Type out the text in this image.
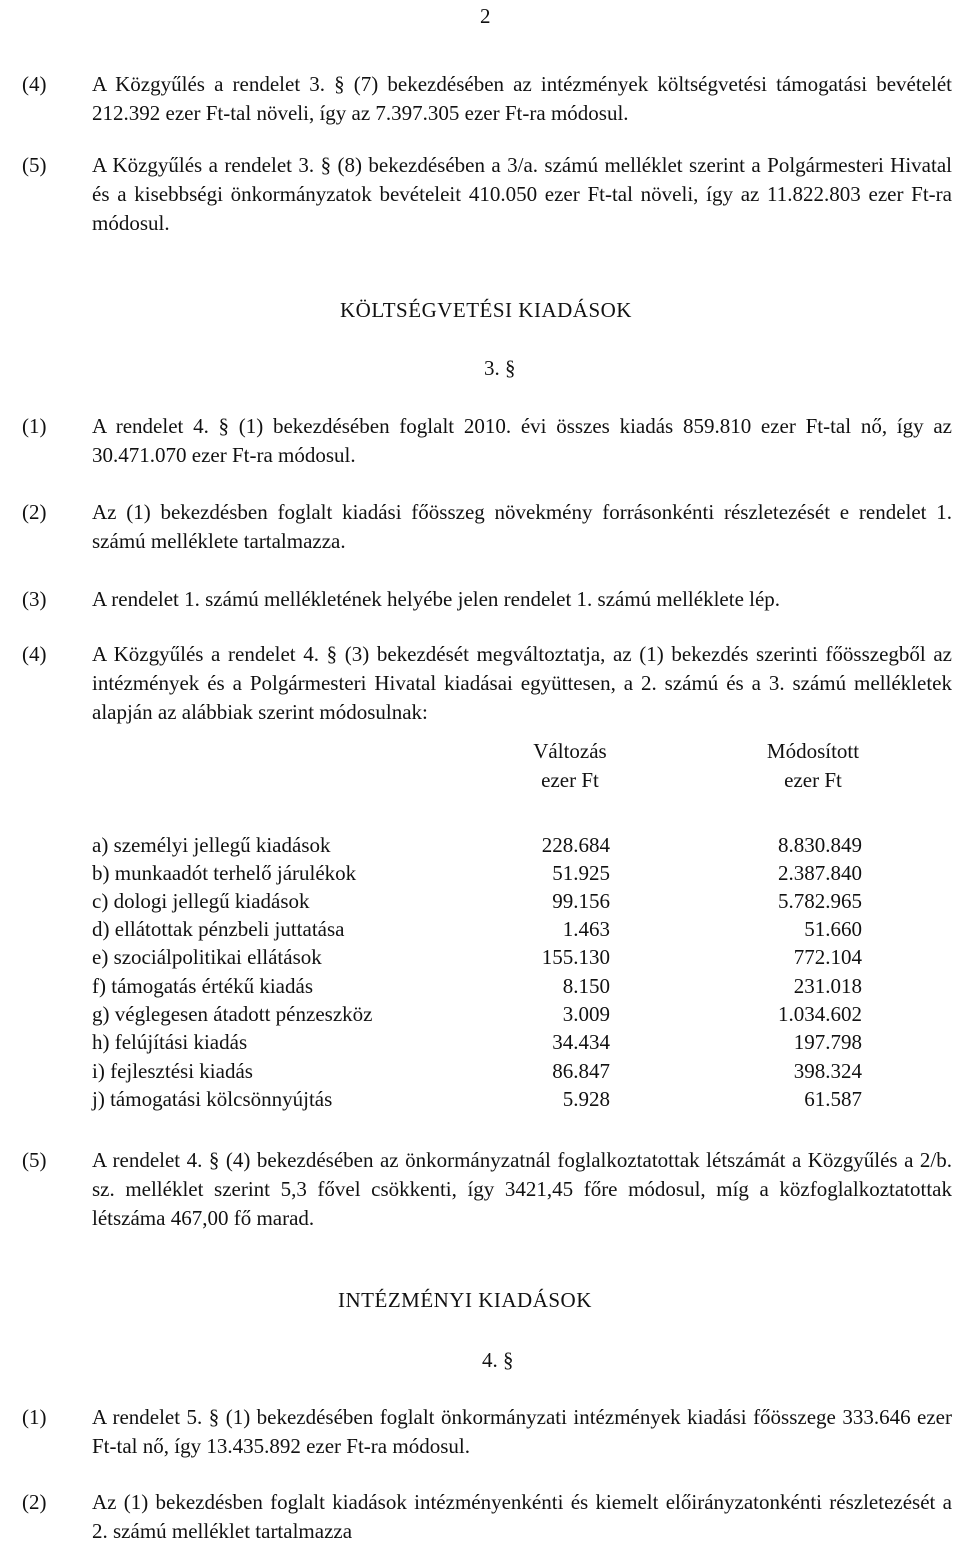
2
(4) A Közgyűlés a rendelet 3. § (7) bekezdésében az intézmények költségvetési támogatási bevételét 212.392 ezer Ft-tal növeli, így az 7.397.305 ezer Ft-ra módosul.
(5) A Közgyűlés a rendelet 3. § (8) bekezdésében a 3/a. számú melléklet szerint a Polgármesteri Hivatal és a kisebbségi önkormányzatok bevételeit 410.050 ezer Ft-tal növeli, így az 11.822.803 ezer Ft-ra módosul.
KÖLTSÉGVETÉSI KIADÁSOK
3. §
(1) A rendelet 4. § (1) bekezdésében foglalt 2010. évi összes kiadás 859.810 ezer Ft-tal nő, így az 30.471.070 ezer Ft-ra módosul.
(2) Az (1) bekezdésben foglalt kiadási főösszeg növekmény forrásonkénti részletezését e rendelet 1. számú melléklete tartalmazza.
(3) A rendelet 1. számú mellékletének helyébe jelen rendelet 1. számú melléklete lép.
(4) A Közgyűlés a rendelet 4. § (3) bekezdését megváltoztatja, az (1) bekezdés szerinti főösszegből az intézmények és a Polgármesteri Hivatal kiadásai együttesen, a 2. számú és a 3. számú mellékletek alapján az alábbiak szerint módosulnak:
Változás
ezer Ft
Módosított
ezer Ft
a) személyi jellegű kiadások	228.684	8.830.849
b) munkaadót terhelő járulékok	51.925	2.387.840
c) dologi jellegű kiadások	99.156	5.782.965
d) ellátottak pénzbeli juttatása	1.463	51.660
e) szociálpolitikai ellátások	155.130	772.104
f) támogatás értékű kiadás	8.150	231.018
g) véglegesen átadott pénzeszköz	3.009	1.034.602
h) felújítási kiadás	34.434	197.798
i) fejlesztési kiadás	86.847	398.324
j) támogatási kölcsönnyújtás	5.928	61.587
(5) A rendelet 4. § (4) bekezdésében az önkormányzatnál foglalkoztatottak létszámát a Közgyűlés a 2/b. sz. melléklet szerint 5,3 fővel csökkenti, így 3421,45 főre módosul, míg a közfoglalkoztatottak létszáma 467,00 fő marad.
INTÉZMÉNYI KIADÁSOK
4. §
(1) A rendelet 5. § (1) bekezdésében foglalt önkormányzati intézmények kiadási főösszege 333.646 ezer Ft-tal nő, így 13.435.892 ezer Ft-ra módosul.
(2) Az (1) bekezdésben foglalt kiadások intézményenkénti és kiemelt előirányzatonkénti részletezését a 2. számú melléklet tartalmazza
